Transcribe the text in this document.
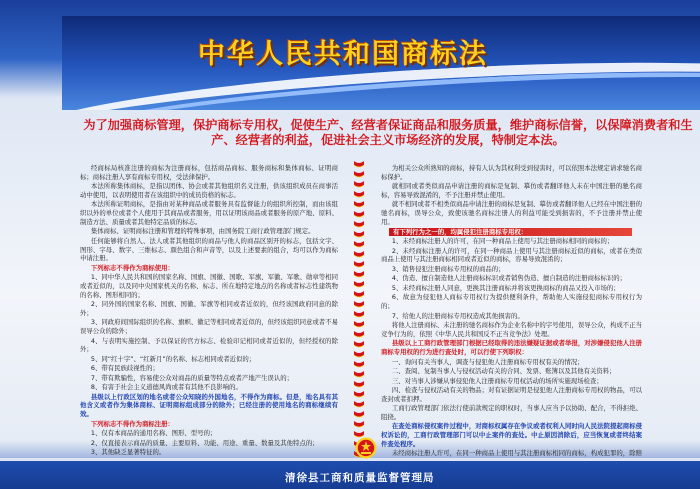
中华人民共和国商标法
为了加强商标管理，保护商标专用权，促使生产、经营者保证商品和服务质量，维护商标信誉，以保障消费者和生产、经营者的利益，促进社会主义市场经济的发展，特制定本法。

经商标局核准注册的商标为注册商标，包括商品商标、服务商标和集体商标、证明商标；商标注册人享有商标专用权，受法律保护。

本法所称集体商标，是指以团体、协会或者其他组织名义注册，供该组织成员在商事活动中使用，以表明使用者在该组织中的成员资格的标志。

本法所称证明商标，是指由对某种商品或者服务具有监督能力的组织所控制，而由该组织以外的单位或者个人使用于其商品或者服务，用以证明该商品或者服务的原产地、原料、制造方法、质量或者其他特定品质的标志。

集体商标、证明商标注册和管理的特殊事项，由国务院工商行政管理部门规定。

任何能够将自然人、法人或者其他组织的商品与他人的商品区别开的标志，包括文字、图形、字母、数字、三维标志、颜色组合和声音等，以及上述要素的组合，均可以作为商标申请注册。

下列标志不得作为商标使用：

1、同中华人民共和国的国家名称、国旗、国徽、国歌、军旗、军徽、军歌、勋章等相同或者近似的，以及同中央国家机关的名称、标志、所在地特定地点的名称或者标志性建筑物的名称、图形相同的；

2、同外国的国家名称、国旗、国徽、军旗等相同或者近似的，但经该国政府同意的除外；

3、同政府间国际组织的名称、旗帜、徽记等相同或者近似的，但经该组织同意或者不易误导公众的除外；

4、与表明实施控制、予以保证的官方标志、检验印记相同或者近似的，但经授权的除外；

5、同“红十字”、“红新月”的名称、标志相同或者近似的；

6、带有民族歧视性的；

7、带有欺骗性，容易使公众对商品的质量等特点或者产地产生误认的；

8、有害于社会主义道德风尚或者有其他不良影响的。

县级以上行政区划的地名或者公众知晓的外国地名，不得作为商标。但是，地名具有其他含义或者作为集体商标、证明商标组成部分的除外；已经注册的使用地名的商标继续有效。

下列标志不得作为商标注册：

1、仅有本商品的通用名称、图形、型号的；

2、仅直接表示商品的质量、主要原料、功能、用途、重量、数量及其他特点的；

3、其他缺乏显著特征的。

为相关公众所熟知的商标，持有人认为其权利受到侵害时，可以依照本法规定请求驰名商标保护。

就相同或者类似商品申请注册的商标是复制、摹仿或者翻译他人未在中国注册的驰名商标，容易导致混淆的，不予注册并禁止使用。

就不相同或者不相类似商品申请注册的商标是复制、摹仿或者翻译他人已经在中国注册的驰名商标，误导公众，致使该驰名商标注册人的利益可能受到损害的，不予注册并禁止使用。

有下列行为之一的，均属侵犯注册商标专用权：

1、未经商标注册人的许可，在同一种商品上使用与其注册商标相同的商标的；

2、未经商标注册人的许可，在同一种商品上使用与其注册商标近似的商标，或者在类似商品上使用与其注册商标相同或者近似的商标，容易导致混淆的；

3、销售侵犯注册商标专用权的商品的；

4、伪造、擅自制造他人注册商标标识或者销售伪造、擅自制造的注册商标标识的；

5、未经商标注册人同意，更换其注册商标并将该更换商标的商品又投入市场的；

6、故意为侵犯他人商标专用权行为提供便利条件，帮助他人实施侵犯商标专用权行为的；

7、给他人的注册商标专用权造成其他损害的。

将他人注册商标、未注册的驰名商标作为企业名称中的字号使用，误导公众，构成不正当竞争行为的，依照《中华人民共和国反不正当竞争法》处理。

县级以上工商行政管理部门根据已经取得的违法嫌疑证据或者举报，对涉嫌侵犯他人注册商标专用权的行为进行查处时，可以行使下列职权：

一、询问有关当事人，调查与侵犯他人注册商标专用权有关的情况；

二、查阅、复制当事人与侵权活动有关的合同、发票、账簿以及其他有关资料；

三、对当事人涉嫌从事侵犯他人注册商标专用权活动的场所实施现场检查；

四、检查与侵权活动有关的物品；对有证据证明是侵犯他人注册商标专用权的物品，可以查封或者扣押。

工商行政管理部门依法行使前款规定的职权时，当事人应当予以协助、配合，不得拒绝、阻挠。

在查处商标侵权案件过程中，对商标权属存在争议或者权利人同时向人民法院提起商标侵权诉讼的，工商行政管理部门可以中止案件的查处。中止原因消除后，应当恢复或者终结案件查处程序。

未经商标注册人许可，在同一种商品上使用与其注册商标相同的商标，构成犯罪的，除赔

清徐县工商和质量监督管理局
